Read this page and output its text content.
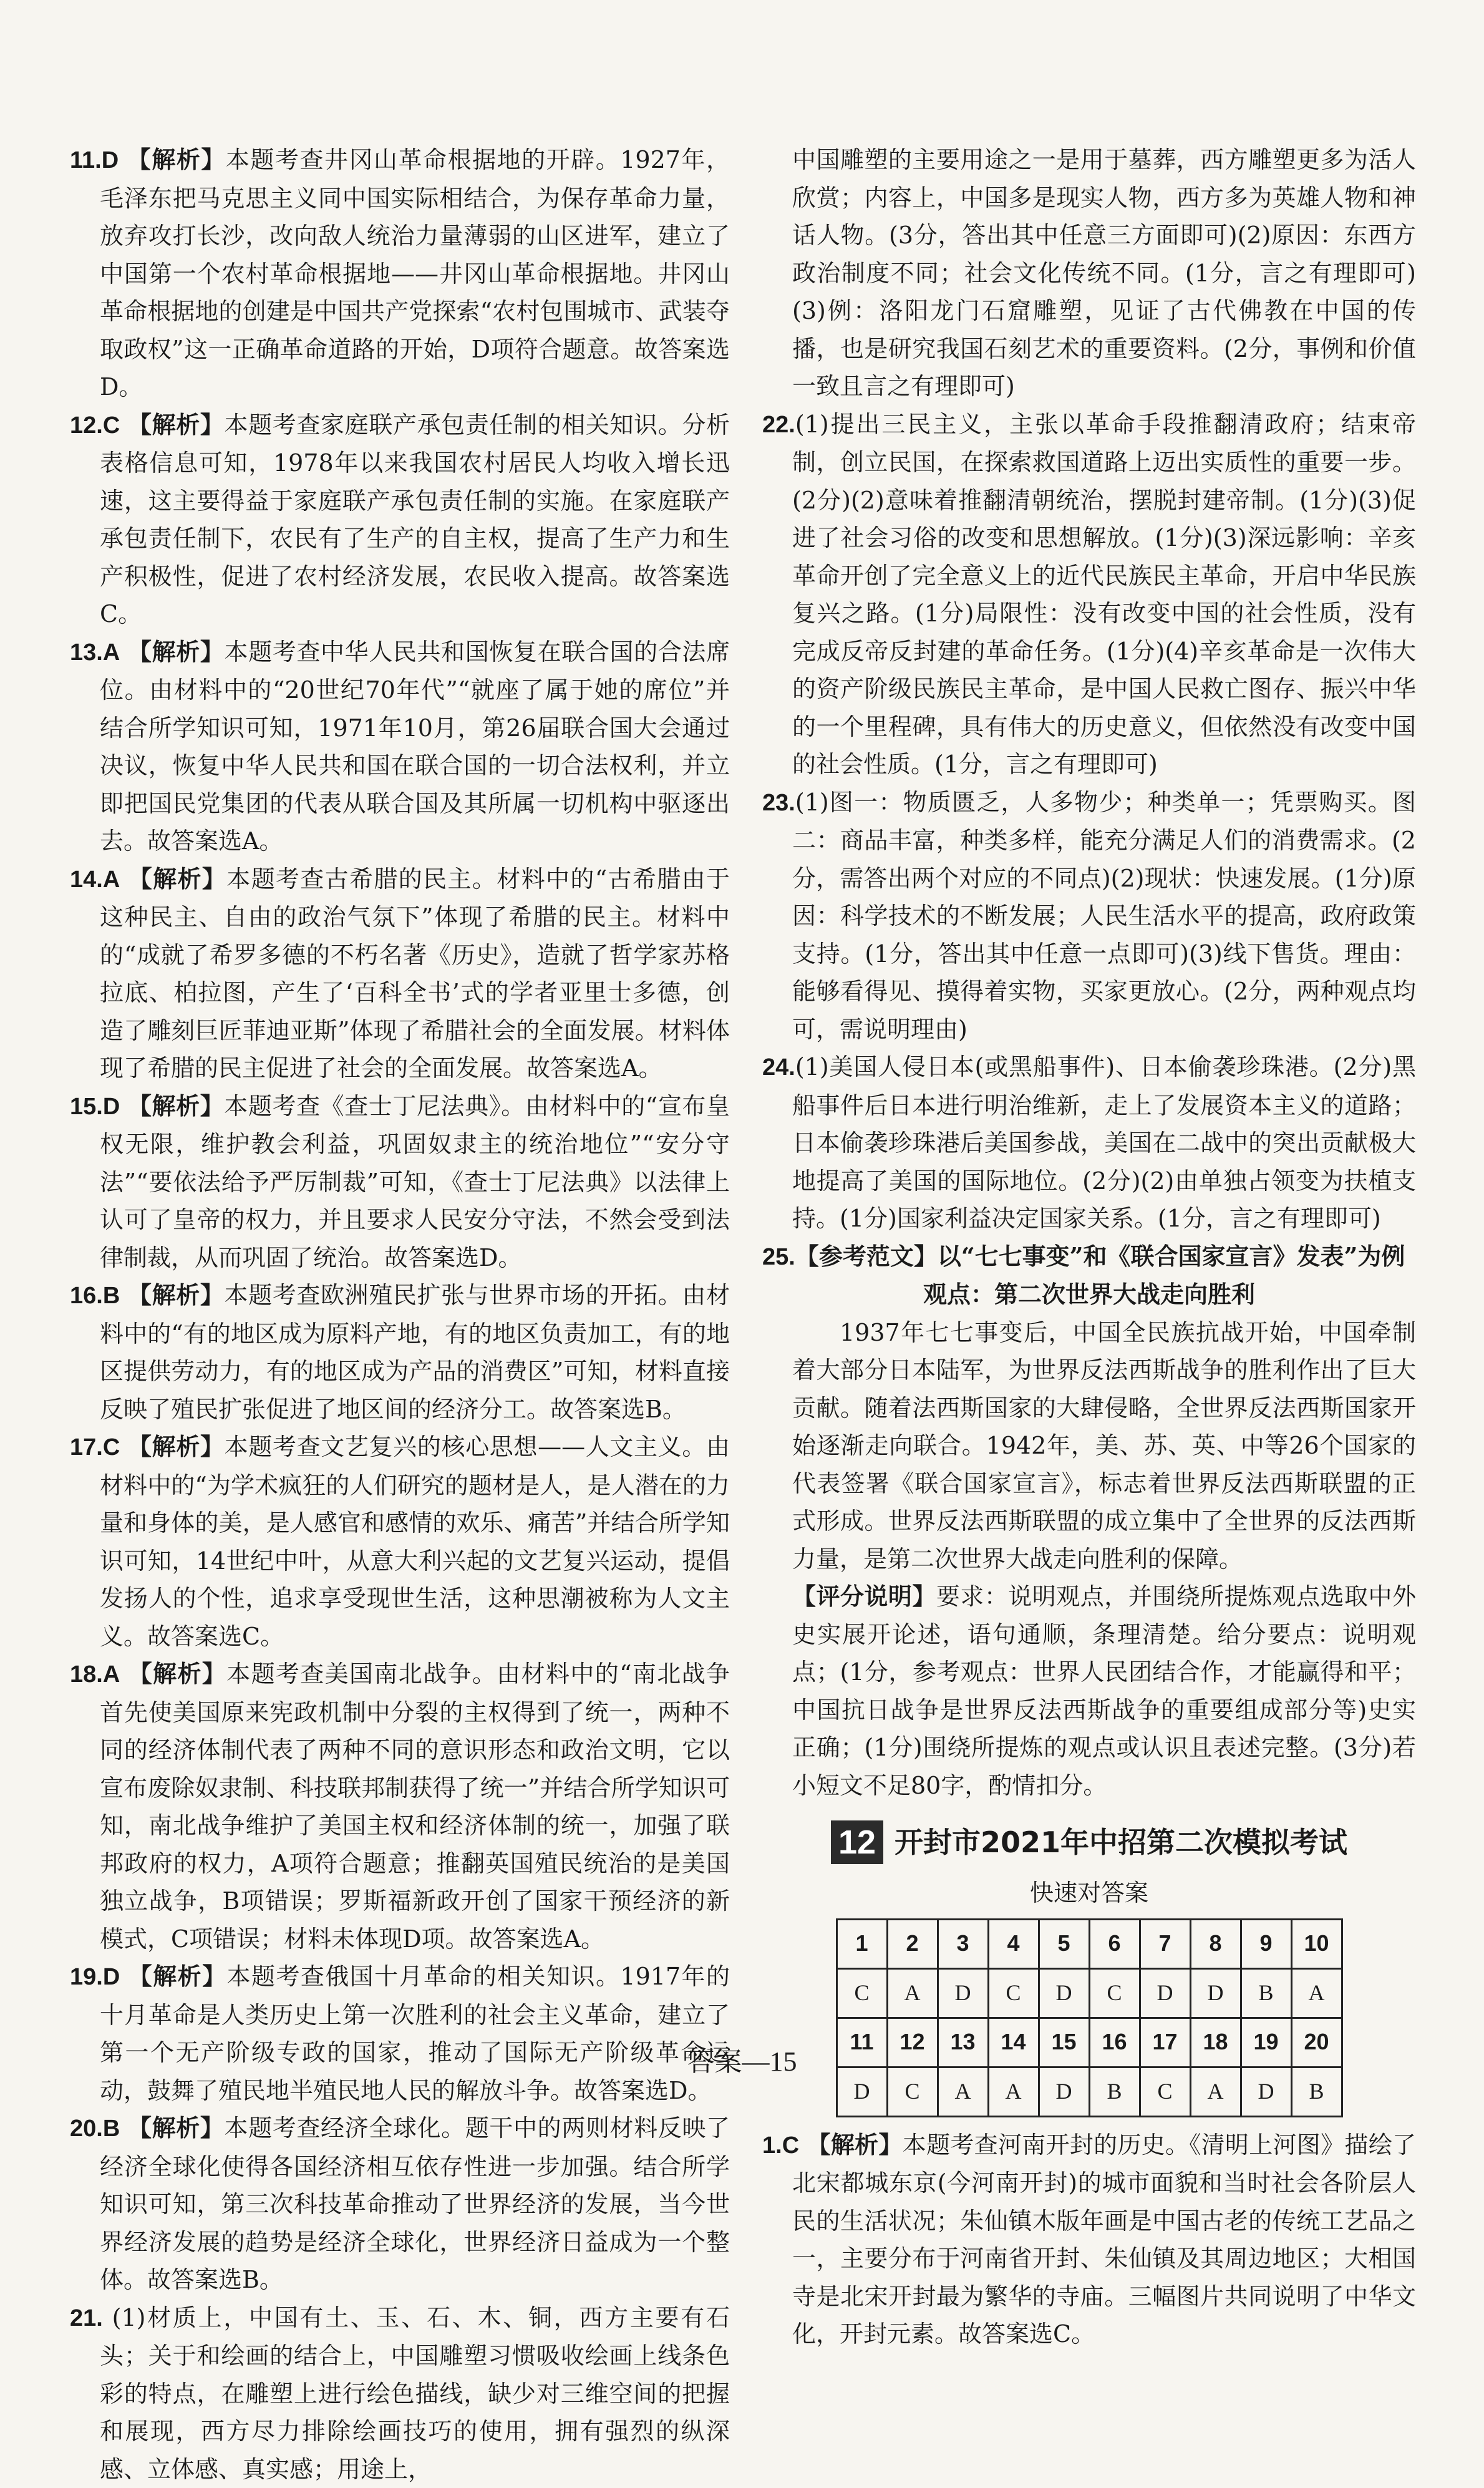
11.D 【解析】本题考查井冈山革命根据地的开辟。1927年，毛泽东把马克思主义同中国实际相结合，为保存革命力量，放弃攻打长沙，改向敌人统治力量薄弱的山区进军，建立了中国第一个农村革命根据地——井冈山革命根据地。井冈山革命根据地的创建是中国共产党探索“农村包围城市、武装夺取政权”这一正确革命道路的开始，D项符合题意。故答案选D。

12.C 【解析】本题考查家庭联产承包责任制的相关知识。分析表格信息可知，1978年以来我国农村居民人均收入增长迅速，这主要得益于家庭联产承包责任制的实施。在家庭联产承包责任制下，农民有了生产的自主权，提高了生产力和生产积极性，促进了农村经济发展，农民收入提高。故答案选C。

13.A 【解析】本题考查中华人民共和国恢复在联合国的合法席位。由材料中的“20世纪70年代”“就座了属于她的席位”并结合所学知识可知，1971年10月，第26届联合国大会通过决议，恢复中华人民共和国在联合国的一切合法权利，并立即把国民党集团的代表从联合国及其所属一切机构中驱逐出去。故答案选A。

14.A 【解析】本题考查古希腊的民主。材料中的“古希腊由于这种民主、自由的政治气氛下”体现了希腊的民主。材料中的“成就了希罗多德的不朽名著《历史》，造就了哲学家苏格拉底、柏拉图，产生了‘百科全书’式的学者亚里士多德，创造了雕刻巨匠菲迪亚斯”体现了希腊社会的全面发展。材料体现了希腊的民主促进了社会的全面发展。故答案选A。

15.D 【解析】本题考查《查士丁尼法典》。由材料中的“宣布皇权无限，维护教会利益，巩固奴隶主的统治地位”“安分守法”“要依法给予严厉制裁”可知，《查士丁尼法典》以法律上认可了皇帝的权力，并且要求人民安分守法，不然会受到法律制裁，从而巩固了统治。故答案选D。

16.B 【解析】本题考查欧洲殖民扩张与世界市场的开拓。由材料中的“有的地区成为原料产地，有的地区负责加工，有的地区提供劳动力，有的地区成为产品的消费区”可知，材料直接反映了殖民扩张促进了地区间的经济分工。故答案选B。

17.C 【解析】本题考查文艺复兴的核心思想——人文主义。由材料中的“为学术疯狂的人们研究的题材是人，是人潜在的力量和身体的美，是人感官和感情的欢乐、痛苦”并结合所学知识可知，14世纪中叶，从意大利兴起的文艺复兴运动，提倡发扬人的个性，追求享受现世生活，这种思潮被称为人文主义。故答案选C。

18.A 【解析】本题考查美国南北战争。由材料中的“南北战争首先使美国原来宪政机制中分裂的主权得到了统一，两种不同的经济体制代表了两种不同的意识形态和政治文明，它以宣布废除奴隶制、科技联邦制获得了统一”并结合所学知识可知，南北战争维护了美国主权和经济体制的统一，加强了联邦政府的权力，A项符合题意；推翻英国殖民统治的是美国独立战争，B项错误；罗斯福新政开创了国家干预经济的新模式，C项错误；材料未体现D项。故答案选A。

19.D 【解析】本题考查俄国十月革命的相关知识。1917年的十月革命是人类历史上第一次胜利的社会主义革命，建立了第一个无产阶级专政的国家，推动了国际无产阶级革命运动，鼓舞了殖民地半殖民地人民的解放斗争。故答案选D。

20.B 【解析】本题考查经济全球化。题干中的两则材料反映了经济全球化使得各国经济相互依存性进一步加强。结合所学知识可知，第三次科技革命推动了世界经济的发展，当今世界经济发展的趋势是经济全球化，世界经济日益成为一个整体。故答案选B。

21. (1)材质上，中国有土、玉、石、木、铜，西方主要有石头；关于和绘画的结合上，中国雕塑习惯吸收绘画上线条色彩的特点，在雕塑上进行绘色描线，缺少对三维空间的把握和展现，西方尽力排除绘画技巧的使用，拥有强烈的纵深感、立体感、真实感；用途上，

中国雕塑的主要用途之一是用于墓葬，西方雕塑更多为活人欣赏；内容上，中国多是现实人物，西方多为英雄人物和神话人物。(3分，答出其中任意三方面即可)(2)原因：东西方政治制度不同；社会文化传统不同。(1分，言之有理即可)(3)例：洛阳龙门石窟雕塑，见证了古代佛教在中国的传播，也是研究我国石刻艺术的重要资料。(2分，事例和价值一致且言之有理即可)

22.(1)提出三民主义，主张以革命手段推翻清政府；结束帝制，创立民国，在探索救国道路上迈出实质性的重要一步。(2分)(2)意味着推翻清朝统治，摆脱封建帝制。(1分)(3)促进了社会习俗的改变和思想解放。(1分)(3)深远影响：辛亥革命开创了完全意义上的近代民族民主革命，开启中华民族复兴之路。(1分)局限性：没有改变中国的社会性质，没有完成反帝反封建的革命任务。(1分)(4)辛亥革命是一次伟大的资产阶级民族民主革命，是中国人民救亡图存、振兴中华的一个里程碑，具有伟大的历史意义，但依然没有改变中国的社会性质。(1分，言之有理即可)

23.(1)图一：物质匮乏，人多物少；种类单一；凭票购买。图二：商品丰富，种类多样，能充分满足人们的消费需求。(2分，需答出两个对应的不同点)(2)现状：快速发展。(1分)原因：科学技术的不断发展；人民生活水平的提高，政府政策支持。(1分，答出其中任意一点即可)(3)线下售货。理由：能够看得见、摸得着实物，买家更放心。(2分，两种观点均可，需说明理由)

24.(1)美国人侵日本(或黑船事件)、日本偷袭珍珠港。(2分)黑船事件后日本进行明治维新，走上了发展资本主义的道路；日本偷袭珍珠港后美国参战，美国在二战中的突出贡献极大地提高了美国的国际地位。(2分)(2)由单独占领变为扶植支持。(1分)国家利益决定国家关系。(1分，言之有理即可)

25.【参考范文】以“七七事变”和《联合国家宣言》发表”为例

观点：第二次世界大战走向胜利

1937年七七事变后，中国全民族抗战开始，中国牵制着大部分日本陆军，为世界反法西斯战争的胜利作出了巨大贡献。随着法西斯国家的大肆侵略，全世界反法西斯国家开始逐渐走向联合。1942年，美、苏、英、中等26个国家的代表签署《联合国家宣言》，标志着世界反法西斯联盟的正式形成。世界反法西斯联盟的成立集中了全世界的反法西斯力量，是第二次世界大战走向胜利的保障。

【评分说明】要求：说明观点，并围绕所提炼观点选取中外史实展开论述，语句通顺，条理清楚。给分要点：说明观点；(1分，参考观点：世界人民团结合作，才能赢得和平；中国抗日战争是世界反法西斯战争的重要组成部分等)史实正确；(1分)围绕所提炼的观点或认识且表述完整。(3分)若小短文不足80字，酌情扣分。

12 开封市2021年中招第二次模拟考试

快速对答案

1	2	3	4	5	6	7	8	9	10
C	A	D	C	D	C	D	D	B	A
11	12	13	14	15	16	17	18	19	20
D	C	A	A	D	B	C	A	D	B

1.C 【解析】本题考查河南开封的历史。《清明上河图》描绘了北宋都城东京(今河南开封)的城市面貌和当时社会各阶层人民的生活状况；朱仙镇木版年画是中国古老的传统工艺品之一，主要分布于河南省开封、朱仙镇及其周边地区；大相国寺是北宋开封最为繁华的寺庙。三幅图片共同说明了中华文化，开封元素。故答案选C。

答案—15
